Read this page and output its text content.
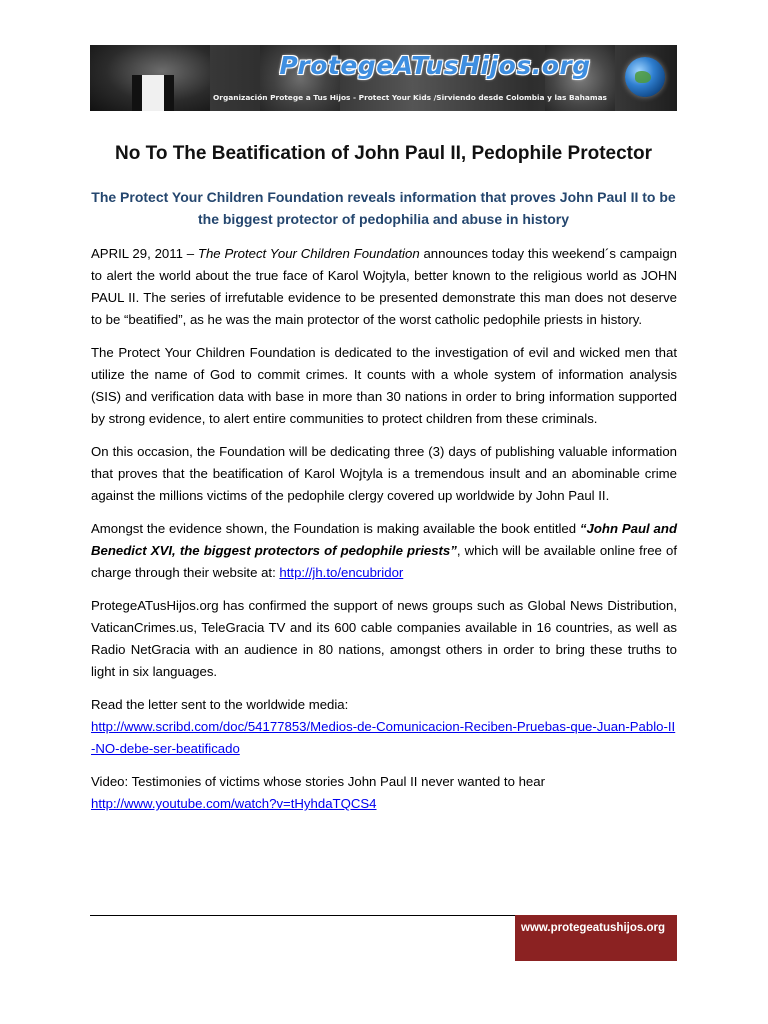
ProtegeATusHijos.org
Organización Protege a Tus Hijos - Protect Your Kids /Sirviendo desde Colombia y las Bahamas
No To The Beatification of John Paul II, Pedophile Protector
The Protect Your Children Foundation reveals information that proves John Paul II to be the biggest protector of pedophilia and abuse in history

APRIL 29, 2011 – The Protect Your Children Foundation announces today this weekend´s campaign to alert the world about the true face of Karol Wojtyla, better known to the religious world as JOHN PAUL II. The series of irrefutable evidence to be presented demonstrate this man does not deserve to be “beatified”, as he was the main protector of the worst catholic pedophile priests in history.

The Protect Your Children Foundation is dedicated to the investigation of evil and wicked men that utilize the name of God to commit crimes. It counts with a whole system of information analysis (SIS) and verification data with base in more than 30 nations in order to bring information supported by strong evidence, to alert entire communities to protect children from these criminals.

On this occasion, the Foundation will be dedicating three (3) days of publishing valuable information that proves that the beatification of Karol Wojtyla is a tremendous insult and an abominable crime against the millions victims of the pedophile clergy covered up worldwide by John Paul II.

Amongst the evidence shown, the Foundation is making available the book entitled “John Paul and Benedict XVI, the biggest protectors of pedophile priests”, which will be available online free of charge through their website at: http://jh.to/encubridor

ProtegeATusHijos.org has confirmed the support of news groups such as Global News Distribution, VaticanCrimes.us, TeleGracia TV and its 600 cable companies available in 16 countries, as well as Radio NetGracia with an audience in 80 nations, amongst others in order to bring these truths to light in six languages.

Read the letter sent to the worldwide media:
http://www.scribd.com/doc/54177853/Medios-de-Comunicacion-Reciben-Pruebas-que-Juan-Pablo-II-NO-debe-ser-beatificado

Video: Testimonies of victims whose stories John Paul II never wanted to hear
http://www.youtube.com/watch?v=tHyhdaTQCS4

www.protegeatushijos.org
